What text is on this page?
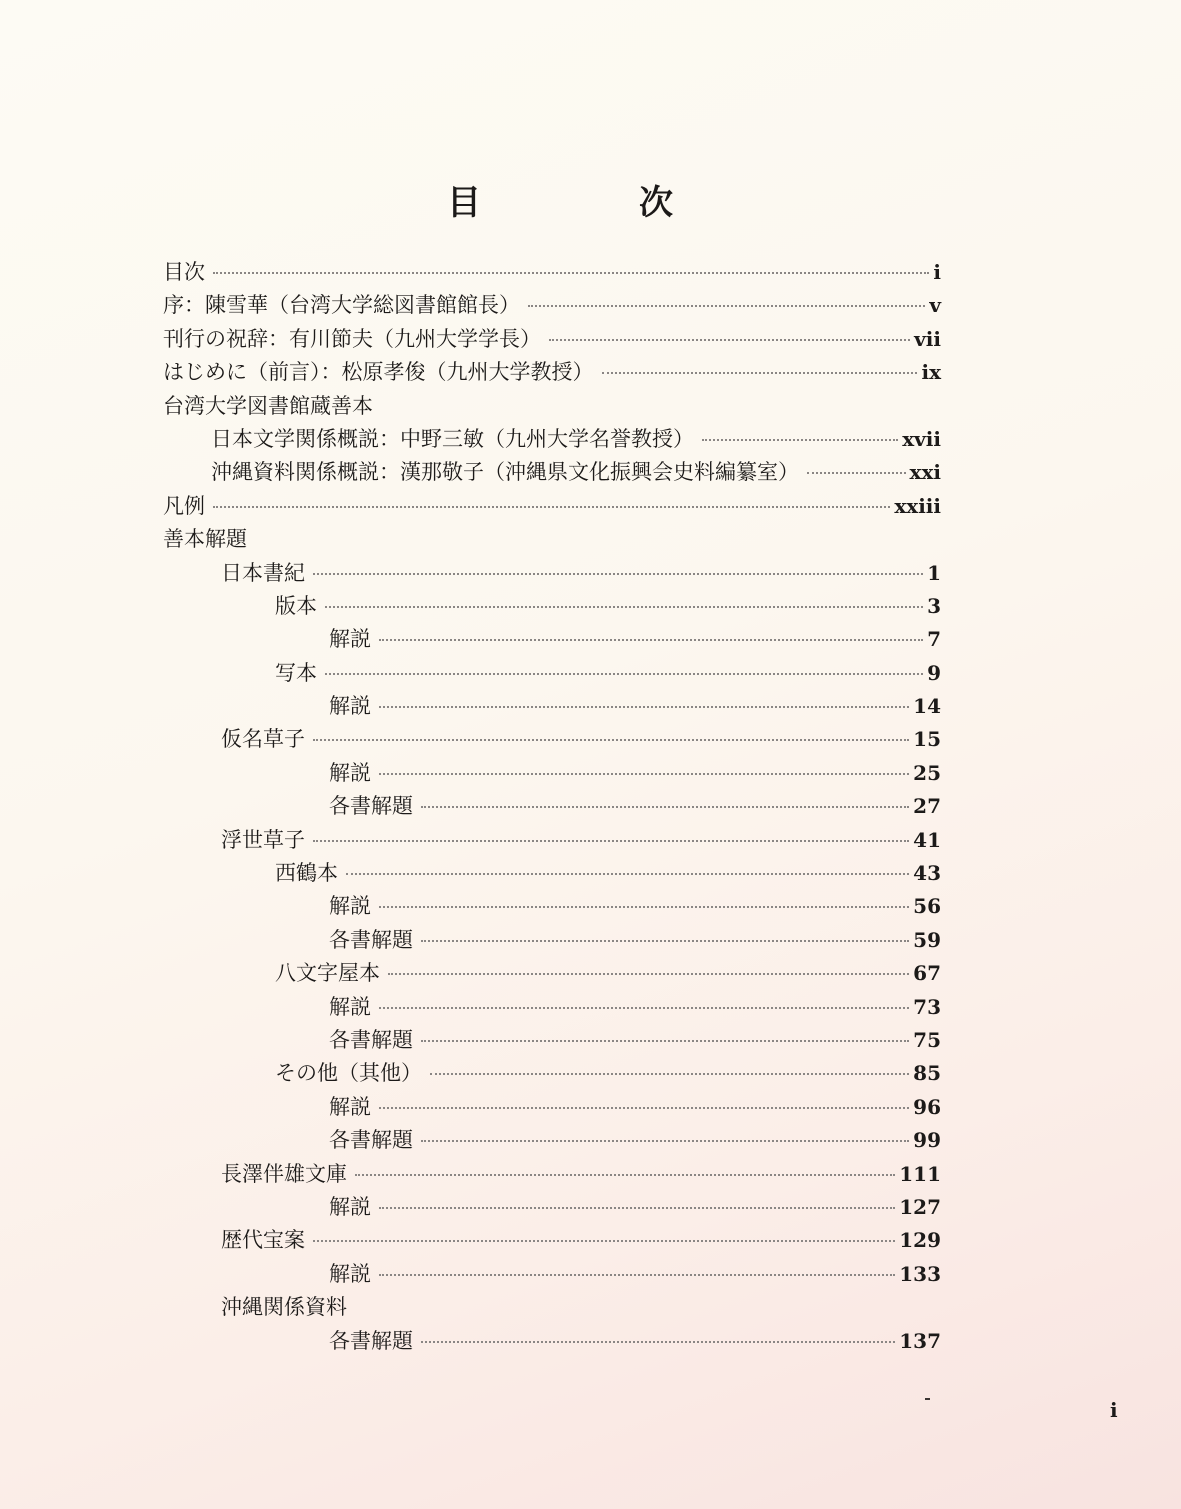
目	次
目次	i
序：陳雪華（台湾大学総図書館館長）	v
刊行の祝辞：有川節夫（九州大学学長）	vii
はじめに（前言）：松原孝俊（九州大学教授）	ix
台湾大学図書館蔵善本
日本文学関係概説：中野三敏（九州大学名誉教授）	xvii
沖縄資料関係概説：漢那敬子（沖縄県文化振興会史料編纂室）	xxi
凡例	xxiii
善本解題
日本書紀	1
版本	3
解説	7
写本	9
解説	14
仮名草子	15
解説	25
各書解題	27
浮世草子	41
西鶴本	43
解説	56
各書解題	59
八文字屋本	67
解説	73
各書解題	75
その他（其他）	85
解説	96
各書解題	99
長澤伴雄文庫	111
解説	127
歴代宝案	129
解説	133
沖縄関係資料
各書解題	137
i
